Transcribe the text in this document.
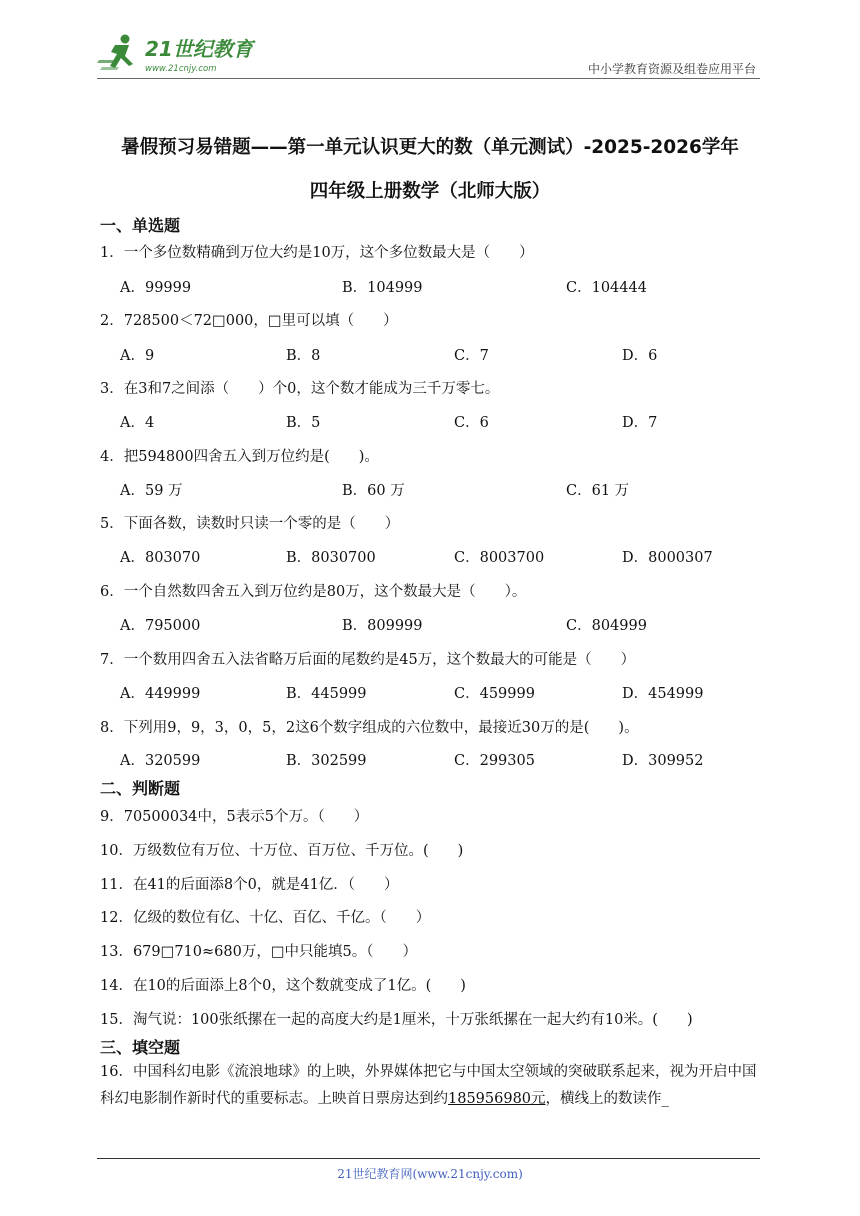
21世纪教育
www.21cnjy.com	中小学教育资源及组卷应用平台
暑假预习易错题——第一单元认识更大的数（单元测试）-2025-2026学年
四年级上册数学（北师大版）
一、单选题
1．一个多位数精确到万位大约是10万，这个多位数最大是（　　）
A．99999	B．104999	C．104444
2．728500＜72□000，□里可以填（　　）
A．9	B．8	C．7	D．6
3．在3和7之间添（　　）个0，这个数才能成为三千万零七。
A．4	B．5	C．6	D．7
4．把594800四舍五入到万位约是(　　)。
A．59 万	B．60 万	C．61 万
5．下面各数，读数时只读一个零的是（　　）
A．803070	B．8030700	C．8003700	D．8000307
6．一个自然数四舍五入到万位约是80万，这个数最大是（　　）。
A．795000	B．809999	C．804999
7．一个数用四舍五入法省略万后面的尾数约是45万，这个数最大的可能是（　　）
A．449999	B．445999	C．459999	D．454999
8．下列用9，9，3，0，5，2这6个数字组成的六位数中，最接近30万的是(　　)。
A．320599	B．302599	C．299305	D．309952
二、判断题
9．70500034中，5表示5个万。（　　）
10．万级数位有万位、十万位、百万位、千万位。(　　)
11．在41的后面添8个0，就是41亿．（　　）
12．亿级的数位有亿、十亿、百亿、千亿。（　　）
13．679□710≈680万，□中只能填5。（　　）
14．在10的后面添上8个0，这个数就变成了1亿。(　　)
15．淘气说：100张纸摞在一起的高度大约是1厘米，十万张纸摞在一起大约有10米。(　　)
三、填空题
16．中国科幻电影《流浪地球》的上映，外界媒体把它与中国太空领域的突破联系起来，视为开启中国科幻电影制作新时代的重要标志。上映首日票房达到约185956980元，横线上的数读作_
21世纪教育网(www.21cnjy.com)
